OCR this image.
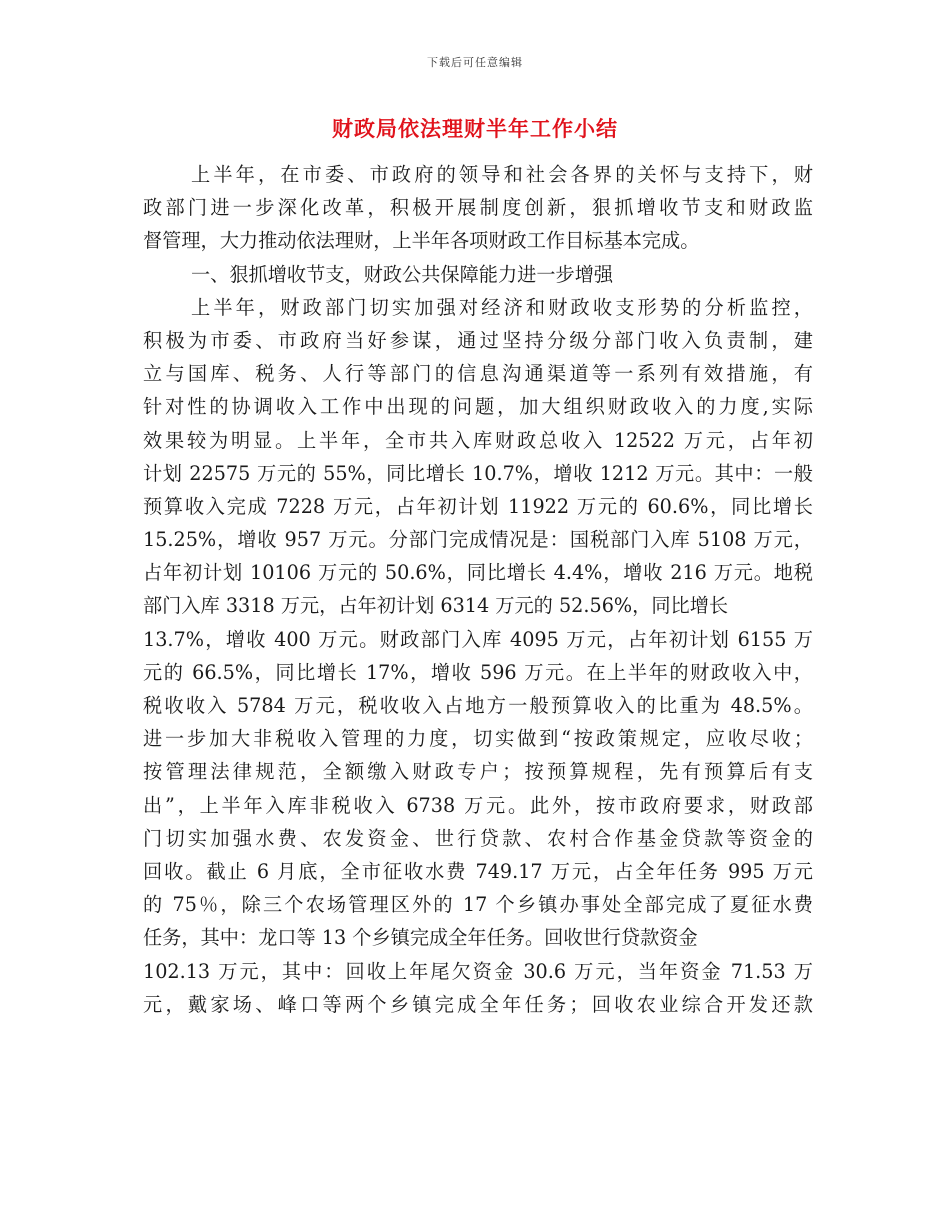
下载后可任意编辑
财政局依法理财半年工作小结
上半年，在市委、市政府的领导和社会各界的关怀与支持下，财
政部门进一步深化改革，积极开展制度创新，狠抓增收节支和财政监
督管理，大力推动依法理财，上半年各项财政工作目标基本完成。
一、狠抓增收节支，财政公共保障能力进一步增强
上半年，财政部门切实加强对经济和财政收支形势的分析监控，
积极为市委、市政府当好参谋，通过坚持分级分部门收入负责制，建
立与国库、税务、人行等部门的信息沟通渠道等一系列有效措施，有
针对性的协调收入工作中出现的问题，加大组织财政收入的力度,实际
效果较为明显。上半年，全市共入库财政总收入 12522 万元，占年初
计划 22575 万元的 55%，同比增长 10.7%，增收 1212 万元。其中：一般
预算收入完成 7228 万元，占年初计划 11922 万元的 60.6%，同比增长
15.25%，增收 957 万元。分部门完成情况是：国税部门入库 5108 万元，
占年初计划 10106 万元的 50.6%，同比增长 4.4%，增收 216 万元。地税
部门入库 3318 万元，占年初计划 6314 万元的 52.56%，同比增长
13.7%，增收 400 万元。财政部门入库 4095 万元，占年初计划 6155 万
元的 66.5%，同比增长 17%，增收 596 万元。在上半年的财政收入中，
税收收入 5784 万元，税收收入占地方一般预算收入的比重为 48.5%。
进一步加大非税收入管理的力度，切实做到“按政策规定，应收尽收；
按管理法律规范，全额缴入财政专户；按预算规程，先有预算后有支
出”，上半年入库非税收入 6738 万元。此外，按市政府要求，财政部
门切实加强水费、农发资金、世行贷款、农村合作基金贷款等资金的
回收。截止 6 月底，全市征收水费 749.17 万元，占全年任务 995 万元
的 75％，除三个农场管理区外的 17 个乡镇办事处全部完成了夏征水费
任务，其中：龙口等 13 个乡镇完成全年任务。回收世行贷款资金
102.13 万元，其中：回收上年尾欠资金 30.6 万元，当年资金 71.53 万
元，戴家场、峰口等两个乡镇完成全年任务；回收农业综合开发还款
